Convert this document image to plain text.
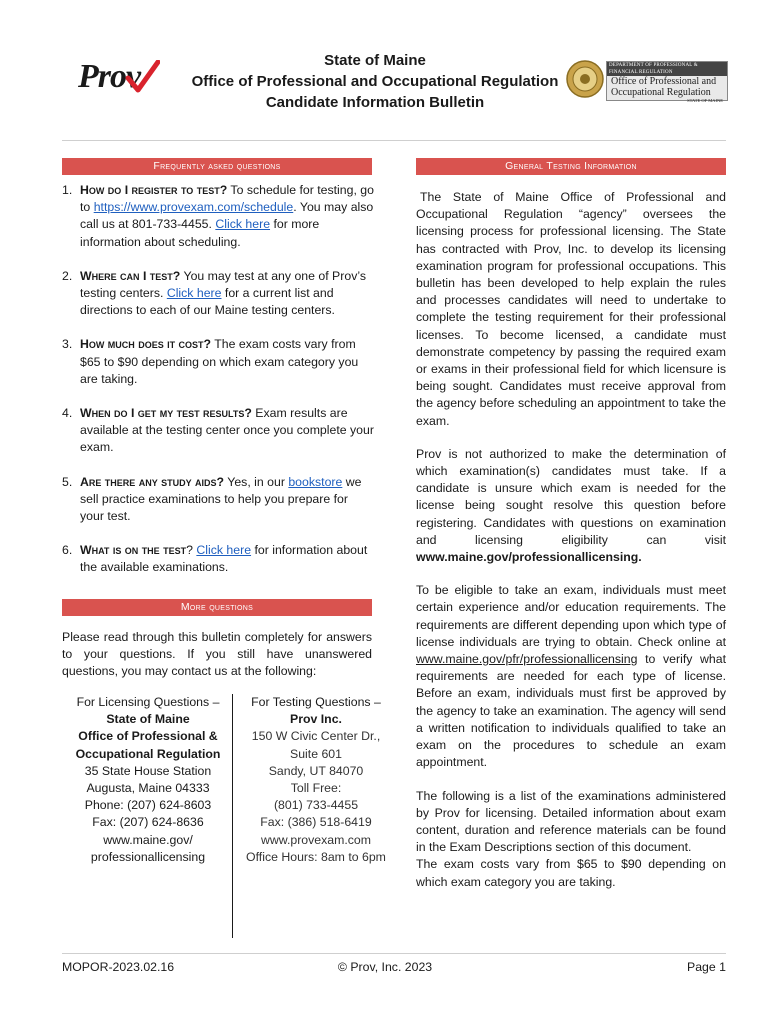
Prov	State of Maine
Office of Professional and Occupational Regulation
Candidate Information Bulletin
DEPARTMENT OF PROFESSIONAL & FINANCIAL REGULATION
Office of Professional and
Occupational Regulation
STATE OF MAINE
Frequently asked questions
1. How do I register to test? To schedule for testing, go to https://www.provexam.com/schedule. You may also call us at 801-733-4455. Click here for more information about scheduling.
2. Where can I test? You may test at any one of Prov’s testing centers. Click here for a current list and directions to each of our Maine testing centers.
3. How much does it cost? The exam costs vary from $65 to $90 depending on which exam category you are taking.
4. When do I get my test results? Exam results are available at the testing center once you complete your exam.
5. Are there any study aids? Yes, in our bookstore we sell practice examinations to help you prepare for your test.
6. What is on the test? Click here for information about the available examinations.
More questions
Please read through this bulletin completely for answers to your questions. If you still have unanswered questions, you may contact us at the following:
For Licensing Questions –
State of Maine
Office of Professional &
Occupational Regulation
35 State House Station
Augusta, Maine 04333
Phone: (207) 624-8603
Fax: (207) 624-8636
www.maine.gov/
professionallicensing
For Testing Questions –
Prov Inc.
150 W Civic Center Dr.,
Suite 601
Sandy, UT 84070
Toll Free:
(801) 733-4455
Fax: (386) 518-6419
www.provexam.com
Office Hours: 8am to 6pm
General Testing Information

The State of Maine Office of Professional and Occupational Regulation “agency” oversees the licensing process for professional licensing. The State has contracted with Prov, Inc. to develop its licensing examination program for professional occupations. This bulletin has been developed to help explain the rules and processes candidates will need to undertake to complete the testing requirement for their professional licenses. To become licensed, a candidate must demonstrate competency by passing the required exam or exams in their professional field for which licensure is being sought. Candidates must receive approval from the agency before scheduling an appointment to take the exam.

Prov is not authorized to make the determination of which examination(s) candidates must take. If a candidate is unsure which exam is needed for the license being sought resolve this question before registering. Candidates with questions on examination and licensing eligibility can visit www.maine.gov/professionallicensing.

To be eligible to take an exam, individuals must meet certain experience and/or education requirements. The requirements are different depending upon which type of license individuals are trying to obtain. Check online at www.maine.gov/pfr/professionallicensing to verify what requirements are needed for each type of license. Before an exam, individuals must first be approved by the agency to take an examination. The agency will send a written notification to individuals qualified to take an exam on the procedures to schedule an exam appointment.

The following is a list of the examinations administered by Prov for licensing. Detailed information about exam content, duration and reference materials can be found in the Exam Descriptions section of this document.

The exam costs vary from $65 to $90 depending on which exam category you are taking.

MOPOR-2023.02.16	© Prov, Inc. 2023	Page 1
